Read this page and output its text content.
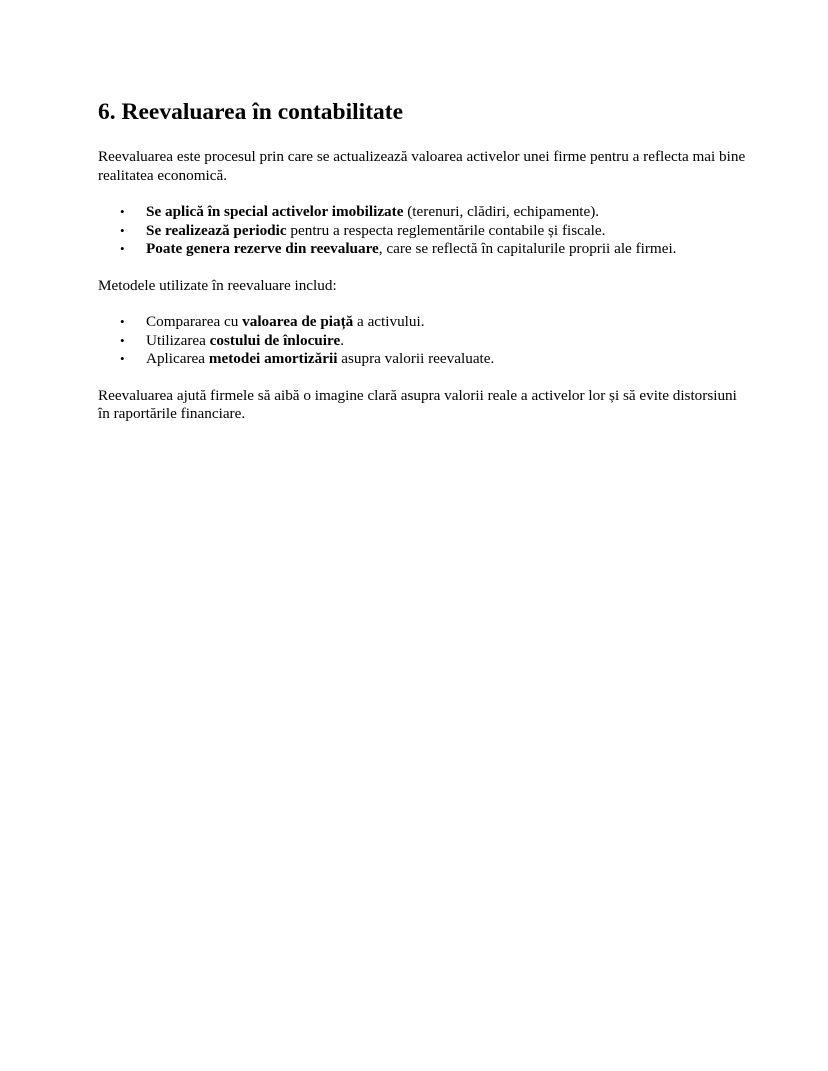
6. Reevaluarea în contabilitate

Reevaluarea este procesul prin care se actualizează valoarea activelor unei firme pentru a reflecta mai bine realitatea economică.

• Se aplică în special activelor imobilizate (terenuri, clădiri, echipamente).
• Se realizează periodic pentru a respecta reglementările contabile și fiscale.
• Poate genera rezerve din reevaluare, care se reflectă în capitalurile proprii ale firmei.

Metodele utilizate în reevaluare includ:

• Compararea cu valoarea de piață a activului.
• Utilizarea costului de înlocuire.
• Aplicarea metodei amortizării asupra valorii reevaluate.

Reevaluarea ajută firmele să aibă o imagine clară asupra valorii reale a activelor lor și să evite distorsiuni în raportările financiare.
